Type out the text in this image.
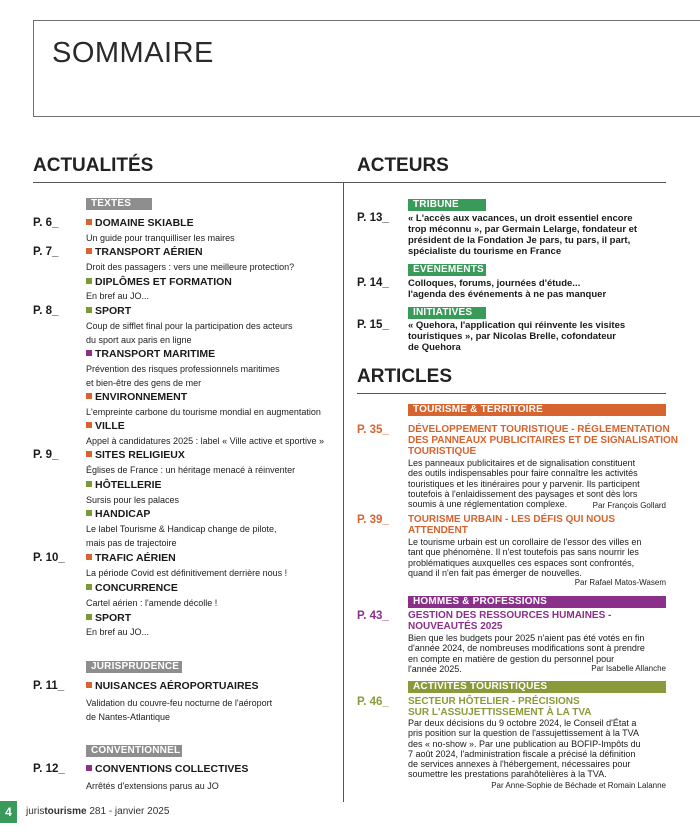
SOMMAIRE
ACTUALITÉS
TEXTES
P. 6_	DOMAINE SKIABLE
Un guide pour tranquilliser les maires
P. 7_	TRANSPORT AÉRIEN
Droit des passagers : vers une meilleure protection?
DIPLÔMES ET FORMATION
En bref au JO...
P. 8_	SPORT
Coup de sifflet final pour la participation des acteurs
du sport aux paris en ligne
TRANSPORT MARITIME
Prévention des risques professionnels maritimes
et bien-être des gens de mer
ENVIRONNEMENT
L'empreinte carbone du tourisme mondial en augmentation
VILLE
Appel à candidatures 2025 : label « Ville active et sportive »
P. 9_	SITES RELIGIEUX
Églises de France : un héritage menacé à réinventer
HÔTELLERIE
Sursis pour les palaces
HANDICAP
Le label Tourisme & Handicap change de pilote,
mais pas de trajectoire
P. 10_	TRAFIC AÉRIEN
La période Covid est définitivement derrière nous !
CONCURRENCE
Cartel aérien : l'amende décolle !
SPORT
En bref au JO...
JURISPRUDENCE
P. 11_	NUISANCES AÉROPORTUAIRES
Validation du couvre-feu nocturne de l'aéroport
de Nantes-Atlantique
CONVENTIONNEL
P. 12_	CONVENTIONS COLLECTIVES
Arrêtés d'extensions parus au JO
ACTEURS
TRIBUNE
P. 13_ « L'accès aux vacances, un droit essentiel encore
trop méconnu », par Germain Lelarge, fondateur et
président de la Fondation Je pars, tu pars, il part,
spécialiste du tourisme en France
ÉVÉNEMENTS
P. 14_ Colloques, forums, journées d'étude...
l'agenda des événements à ne pas manquer
INITIATIVES
P. 15_ « Quehora, l'application qui réinvente les visites
touristiques », par Nicolas Brelle, cofondateur
de Quehora
ARTICLES
TOURISME & TERRITOIRE
P. 35_ DÉVELOPPEMENT TOURISTIQUE - RÉGLEMENTATION
DES PANNEAUX PUBLICITAIRES ET DE SIGNALISATION
TOURISTIQUE
Les panneaux publicitaires et de signalisation constituent
des outils indispensables pour faire connaître les activités
touristiques et les itinéraires pour y parvenir. Ils participent
toutefois à l'enlaidissement des paysages et sont dès lors
soumis à une réglementation complexe.	Par François Gollard
P. 39_ TOURISME URBAIN - LES DÉFIS QUI NOUS
ATTENDENT
Le tourisme urbain est un corollaire de l'essor des villes en
tant que phénomène. Il n'est toutefois pas sans nourrir les
problématiques auxquelles ces espaces sont confrontés,
quand il n'en fait pas émerger de nouvelles.
Par Rafael Matos-Wasem
HOMMES & PROFESSIONS
P. 43_ GESTION DES RESSOURCES HUMAINES -
NOUVEAUTÉS 2025
Bien que les budgets pour 2025 n'aient pas été votés en fin
d'année 2024, de nombreuses modifications sont à prendre
en compte en matière de gestion du personnel pour
l'année 2025.	Par Isabelle Allanche
ACTIVITÉS TOURISTIQUES
P. 46_ SECTEUR HÔTELIER - PRÉCISIONS
SUR L'ASSUJETTISSEMENT À LA TVA
Par deux décisions du 9 octobre 2024, le Conseil d'État a
pris position sur la question de l'assujettissement à la TVA
des « no-show ». Par une publication au BOFIP-Impôts du
7 août 2024, l'administration fiscale a précisé la définition
de services annexes à l'hébergement, nécessaires pour
soumettre les prestations parahôtelières à la TVA.
Par Anne-Sophie de Béchade et Romain Lalanne
4	juristourisme 281 - janvier 2025
